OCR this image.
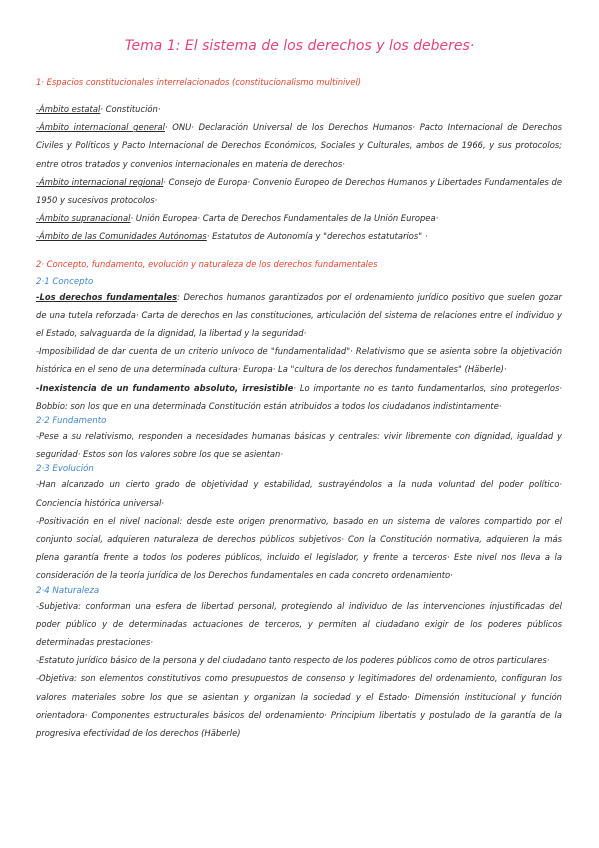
Tema 1: El sistema de los derechos y los deberes·
1· Espacios constitucionales interrelacionados (constitucionalismo multinivel)

-Ámbito estatal· Constitución·

-Ámbito internacional general· ONU· Declaración Universal de los Derechos Humanos· Pacto Internacional de Derechos Civiles y Políticos y Pacto Internacional de Derechos Económicos, Sociales y Culturales, ambos de 1966, y sus protocolos; entre otros tratados y convenios internacionales en materia de derechos·

-Ámbito internacional regional· Consejo de Europa· Convenio Europeo de Derechos Humanos y Libertades Fundamentales de 1950 y sucesivos protocolos·

-Ámbito supranacional· Unión Europea· Carta de Derechos Fundamentales de la Unión Europea·

-Ámbito de las Comunidades Autónomas· Estatutos de Autonomía y "derechos estatutarios" ·

2· Concepto, fundamento, evolución y naturaleza de los derechos fundamentales
2·1 Concepto

-Los derechos fundamentales: Derechos humanos garantizados por el ordenamiento jurídico positivo que suelen gozar de una tutela reforzada· Carta de derechos en las constituciones, articulación del sistema de relaciones entre el individuo y el Estado, salvaguarda de la dignidad, la libertad y la seguridad·

-Imposibilidad de dar cuenta de un criterio unívoco de "fundamentalidad"· Relativismo que se asienta sobre la objetivación histórica en el seno de una determinada cultura· Europa· La "cultura de los derechos fundamentales" (Häberle)·

-Inexistencia de un fundamento absoluto, irresistible· Lo importante no es tanto fundamentarlos, sino protegerlos· Bobbio: son los que en una determinada Constitución están atribuidos a todos los ciudadanos indistintamente·

2·2 Fundamento

-Pese a su relativismo, responden a necesidades humanas básicas y centrales: vivir libremente con dignidad, igualdad y seguridad· Estos son los valores sobre los que se asientan·

2·3 Evolución

-Han alcanzado un cierto grado de objetividad y estabilidad, sustrayéndolos a la nuda voluntad del poder político· Conciencia histórica universal·

-Positivación en el nivel nacional: desde este origen prenormativo, basado en un sistema de valores compartido por el conjunto social, adquieren naturaleza de derechos públicos subjetivos· Con la Constitución normativa, adquieren la más plena garantía frente a todos los poderes públicos, incluido el legislador, y frente a terceros· Este nivel nos lleva a la consideración de la teoría jurídica de los Derechos fundamentales en cada concreto ordenamiento·

2·4 Naturaleza

-Subjetiva: conforman una esfera de libertad personal, protegiendo al individuo de las intervenciones injustificadas del poder público y de determinadas actuaciones de terceros, y permiten al ciudadano exigir de los poderes públicos determinadas prestaciones·

-Estatuto jurídico básico de la persona y del ciudadano tanto respecto de los poderes públicos como de otros particulares·

-Objetiva: son elementos constitutivos como presupuestos de consenso y legitimadores del ordenamiento, configuran los valores materiales sobre los que se asientan y organizan la sociedad y el Estado· Dimensión institucional y función orientadora· Componentes estructurales básicos del ordenamiento· Principium libertatis y postulado de la garantía de la progresiva efectividad de los derechos (Häberle)
